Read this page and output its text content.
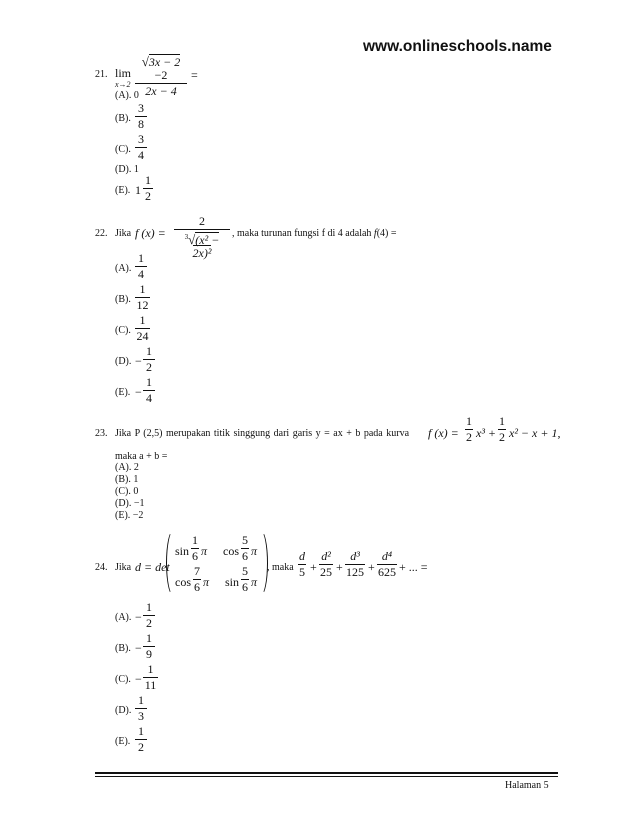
www.onlineschools.name
21. lim
x→2
√3x − 2 −2
2x − 4
=
(A). 0
(B).
3
8
(C).
3
4
(D). 1
(E). 1
1
2
22. Jika f (x) =
2
$^3$√(x² − 2x)²
, maka turunan fungsi f di 4 adalah f(4) =
(A).
1
4
(B).
1
12
(C).
1
24
(D). −
1
2
(E). −
1
4
23. Jika P (2,5) merupakan titik singgung dari garis y = ax + b pada kurva f (x) =
1
2 x³ +
1
2 x² − x + 1,
maka a + b =
(A). 2
(B). 1
(C). 0
(D). −1
(E). −2
24. Jika d = det
sin
1
6 π cos
5
6 π
cos
7
6 π sin
5
6 π
, maka
d
5 +
d²
25 +
d³
125 +
d⁴
625 + ... =
(A). −
1
2
(B). −
1
9
(C). −
1
11
(D).
1
3
(E).
1
2
Halaman 5
